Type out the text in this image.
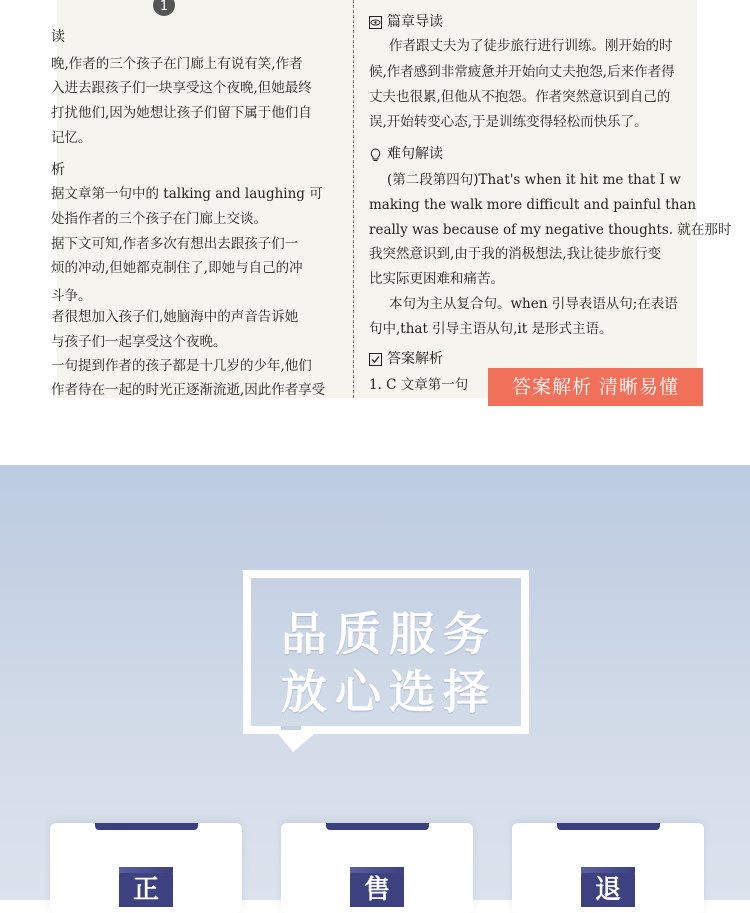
1
读
晚,作者的三个孩子在门廊上有说有笑,作者
入进去跟孩子们一块享受这个夜晚,但她最终
打扰他们,因为她想让孩子们留下属于他们自
记忆。
析
据文章第一句中的 talking and laughing 可
处指作者的三个孩子在门廊上交谈。
据下文可知,作者多次有想出去跟孩子们一
烦的冲动,但她都克制住了,即她与自己的冲
斗争。
者很想加入孩子们,她脑海中的声音告诉她
与孩子们一起享受这个夜晚。
一句提到作者的孩子都是十几岁的少年,他们
作者待在一起的时光正逐渐流逝,因此作者享受
篇章导读
作者跟丈夫为了徒步旅行进行训练。刚开始的时
候,作者感到非常疲惫并开始向丈夫抱怨,后来作者得
丈夫也很累,但他从不抱怨。作者突然意识到自己的
误,开始转变心态,于是训练变得轻松而快乐了。
难句解读
(第二段第四句)That's when it hit me that I w
making the walk more difficult and painful than
really was because of my negative thoughts. 就在那时
我突然意识到,由于我的消极想法,我让徒步旅行变
比实际更困难和痛苦。
本句为主从复合句。when 引导表语从句;在表语
句中,that 引导主语从句,it 是形式主语。
答案解析
1. C 文章第一句	答案解析 清晰易懂
品质服务
放心选择
正	售	退
